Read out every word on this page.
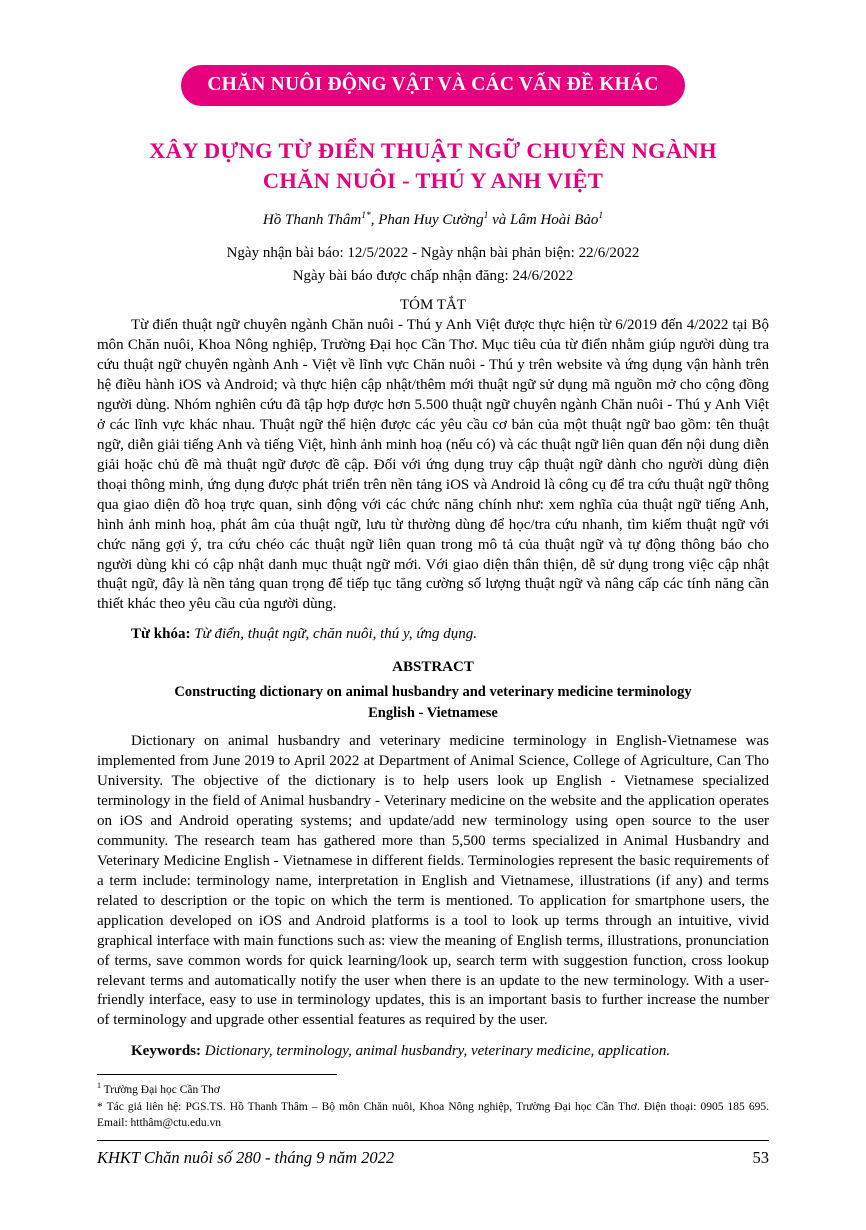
CHĂN NUÔI ĐỘNG VẬT VÀ CÁC VẤN ĐỀ KHÁC
XÂY DỰNG TỪ ĐIỂN THUẬT NGỮ CHUYÊN NGÀNH
CHĂN NUÔI - THÚ Y ANH VIỆT
Hồ Thanh Thâm$^{1*}$, Phan Huy Cường$^1$ và Lâm Hoài Bảo$^1$
Ngày nhận bài báo: 12/5/2022 - Ngày nhận bài phản biện: 22/6/2022
Ngày bài báo được chấp nhận đăng: 24/6/2022
TÓM TẮT

Từ điển thuật ngữ chuyên ngành Chăn nuôi - Thú y Anh Việt được thực hiện từ 6/2019 đến 4/2022 tại Bộ môn Chăn nuôi, Khoa Nông nghiệp, Trường Đại học Cần Thơ. Mục tiêu của từ điển nhằm giúp người dùng tra cứu thuật ngữ chuyên ngành Anh - Việt về lĩnh vực Chăn nuôi - Thú y trên website và ứng dụng vận hành trên hệ điều hành iOS và Android; và thực hiện cập nhật/thêm mới thuật ngữ sử dụng mã nguồn mở cho cộng đồng người dùng. Nhóm nghiên cứu đã tập hợp được hơn 5.500 thuật ngữ chuyên ngành Chăn nuôi - Thú y Anh Việt ở các lĩnh vực khác nhau. Thuật ngữ thể hiện được các yêu cầu cơ bản của một thuật ngữ bao gồm: tên thuật ngữ, diễn giải tiếng Anh và tiếng Việt, hình ảnh minh hoạ (nếu có) và các thuật ngữ liên quan đến nội dung diễn giải hoặc chủ đề mà thuật ngữ được đề cập. Đối với ứng dụng truy cập thuật ngữ dành cho người dùng điện thoại thông minh, ứng dụng được phát triển trên nền tảng iOS và Android là công cụ để tra cứu thuật ngữ thông qua giao diện đồ hoạ trực quan, sinh động với các chức năng chính như: xem nghĩa của thuật ngữ tiếng Anh, hình ảnh minh hoạ, phát âm của thuật ngữ, lưu từ thường dùng để học/tra cứu nhanh, tìm kiếm thuật ngữ với chức năng gợi ý, tra cứu chéo các thuật ngữ liên quan trong mô tả của thuật ngữ và tự động thông báo cho người dùng khi có cập nhật danh mục thuật ngữ mới. Với giao diện thân thiện, dễ sử dụng trong việc cập nhật thuật ngữ, đây là nền tảng quan trọng để tiếp tục tăng cường số lượng thuật ngữ và nâng cấp các tính năng cần thiết khác theo yêu cầu của người dùng.

Từ khóa: Từ điển, thuật ngữ, chăn nuôi, thú y, ứng dụng.
ABSTRACT
Constructing dictionary on animal husbandry and veterinary medicine terminology
English - Vietnamese

Dictionary on animal husbandry and veterinary medicine terminology in English-Vietnamese was implemented from June 2019 to April 2022 at Department of Animal Science, College of Agriculture, Can Tho University. The objective of the dictionary is to help users look up English - Vietnamese specialized terminology in the field of Animal husbandry - Veterinary medicine on the website and the application operates on iOS and Android operating systems; and update/add new terminology using open source to the user community. The research team has gathered more than 5,500 terms specialized in Animal Husbandry and Veterinary Medicine English - Vietnamese in different fields. Terminologies represent the basic requirements of a term include: terminology name, interpretation in English and Vietnamese, illustrations (if any) and terms related to description or the topic on which the term is mentioned. To application for smartphone users, the application developed on iOS and Android platforms is a tool to look up terms through an intuitive, vivid graphical interface with main functions such as: view the meaning of English terms, illustrations, pronunciation of terms, save common words for quick learning/look up, search term with suggestion function, cross lookup relevant terms and automatically notify the user when there is an update to the new terminology. With a user-friendly interface, easy to use in terminology updates, this is an important basis to further increase the number of terminology and upgrade other essential features as required by the user.

Keywords: Dictionary, terminology, animal husbandry, veterinary medicine, application.
$^1$ Trường Đại học Cần Thơ
* Tác giả liên hệ: PGS.TS. Hồ Thanh Thâm – Bộ môn Chăn nuôi, Khoa Nông nghiệp, Trường Đại học Cần Thơ. Điện thoại: 0905 185 695. Email: htthâm@ctu.edu.vn
KHKT Chăn nuôi số 280 - tháng 9 năm 2022	53
